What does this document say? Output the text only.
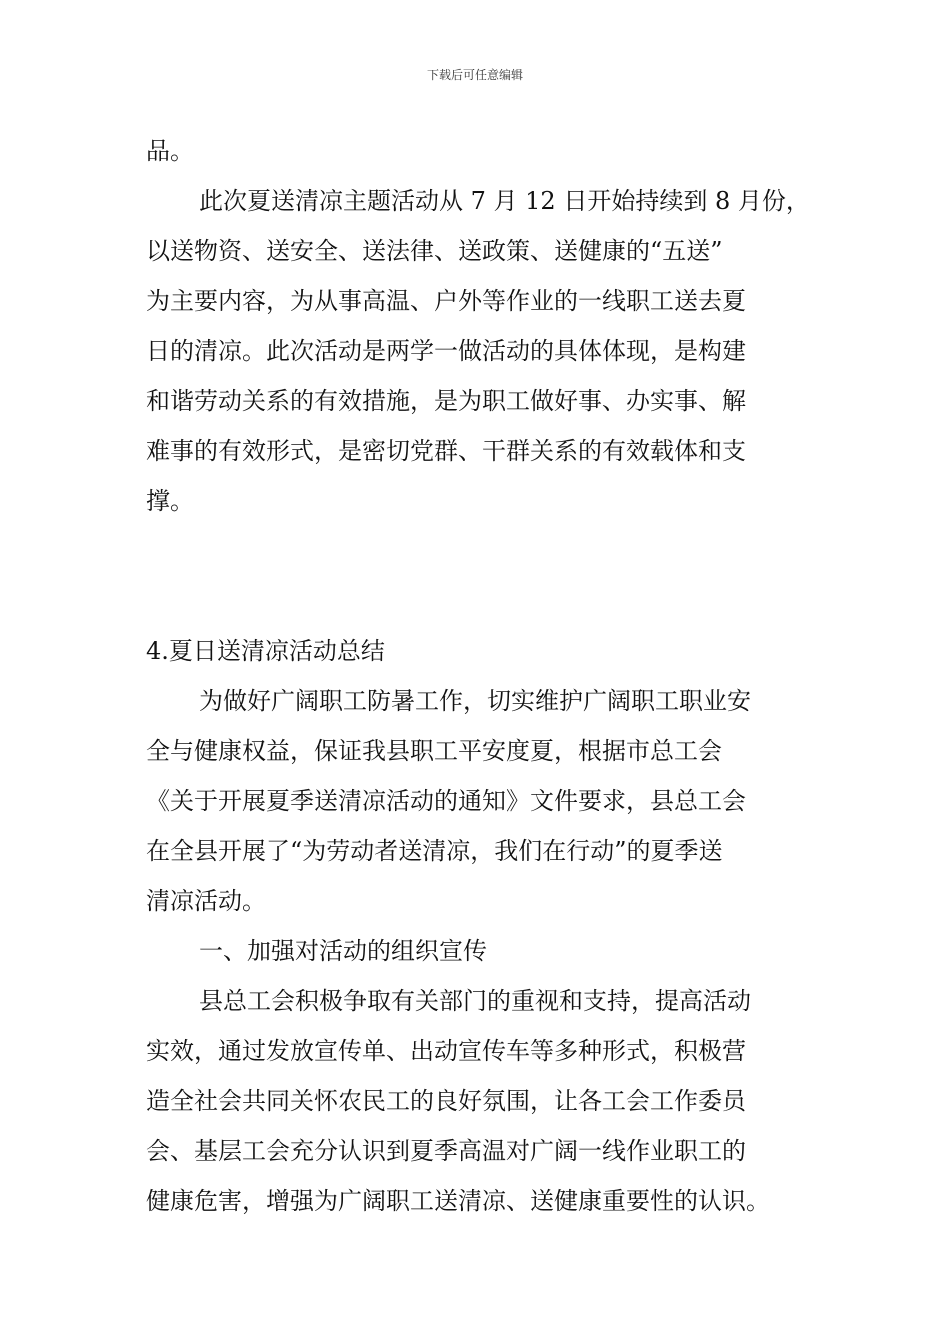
下载后可任意编辑
品。
此次夏送清凉主题活动从 7 月 12 日开始持续到 8 月份，
以送物资、送安全、送法律、送政策、送健康的“五送”
为主要内容，为从事高温、户外等作业的一线职工送去夏
日的清凉。此次活动是两学一做活动的具体体现，是构建
和谐劳动关系的有效措施，是为职工做好事、办实事、解
难事的有效形式，是密切党群、干群关系的有效载体和支
撑。
4.夏日送清凉活动总结
为做好广阔职工防暑工作，切实维护广阔职工职业安
全与健康权益，保证我县职工平安度夏，根据市总工会
《关于开展夏季送清凉活动的通知》文件要求，县总工会
在全县开展了“为劳动者送清凉，我们在行动”的夏季送
清凉活动。
一、加强对活动的组织宣传
县总工会积极争取有关部门的重视和支持，提高活动
实效，通过发放宣传单、出动宣传车等多种形式，积极营
造全社会共同关怀农民工的良好氛围，让各工会工作委员
会、基层工会充分认识到夏季高温对广阔一线作业职工的
健康危害，增强为广阔职工送清凉、送健康重要性的认识。
